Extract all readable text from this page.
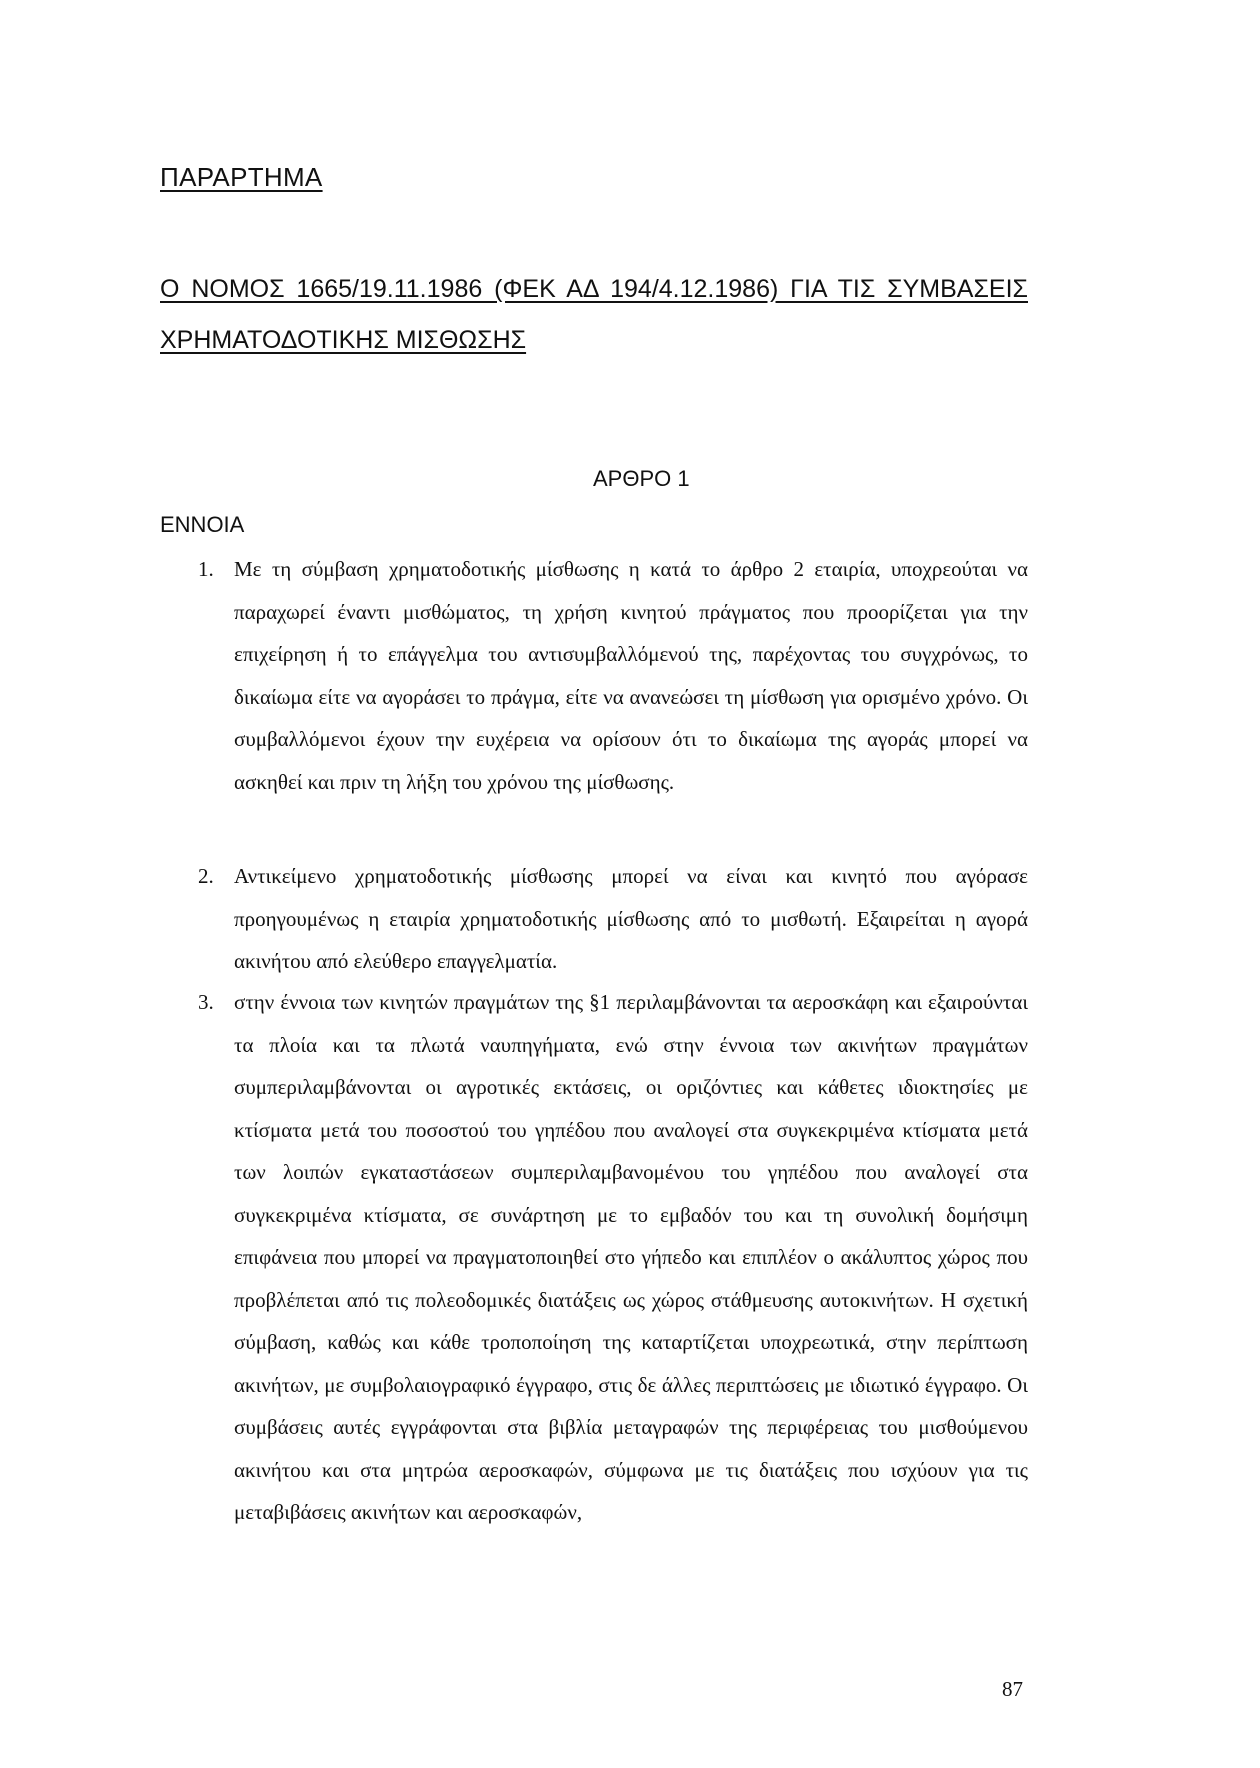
ΠΑΡΑΡΤΗΜΑ

Ο ΝΟΜΟΣ 1665/19.11.1986 (ΦΕΚ ΑΔ 194/4.12.1986) ΓΙΑ ΤΙΣ ΣΥΜΒΑΣΕΙΣ ΧΡΗΜΑΤΟΔΟΤΙΚΗΣ ΜΙΣΘΩΣΗΣ

ΑΡΘΡΟ 1
ΕΝΝΟΙΑ
1. Με τη σύμβαση χρηματοδοτικής μίσθωσης η κατά το άρθρο 2 εταιρία, υποχρεούται να παραχωρεί έναντι μισθώματος, τη χρήση κινητού πράγματος που προορίζεται για την επιχείρηση ή το επάγγελμα του αντισυμβαλλόμενού της, παρέχοντας του συγχρόνως, το δικαίωμα είτε να αγοράσει το πράγμα, είτε να ανανεώσει τη μίσθωση για ορισμένο χρόνο. Οι συμβαλλόμενοι έχουν την ευχέρεια να ορίσουν ότι το δικαίωμα της αγοράς μπορεί να ασκηθεί και πριν τη λήξη του χρόνου της μίσθωσης.
2. Αντικείμενο χρηματοδοτικής μίσθωσης μπορεί να είναι και κινητό που αγόρασε προηγουμένως η εταιρία χρηματοδοτικής μίσθωσης από το μισθωτή. Εξαιρείται η αγορά ακινήτου από ελεύθερο επαγγελματία.
3. στην έννοια των κινητών πραγμάτων της §1 περιλαμβάνονται τα αεροσκάφη και εξαιρούνται τα πλοία και τα πλωτά ναυπηγήματα, ενώ στην έννοια των ακινήτων πραγμάτων συμπεριλαμβάνονται οι αγροτικές εκτάσεις, οι οριζόντιες και κάθετες ιδιοκτησίες με κτίσματα μετά του ποσοστού του γηπέδου που αναλογεί στα συγκεκριμένα κτίσματα μετά των λοιπών εγκαταστάσεων συμπεριλαμβανομένου του γηπέδου που αναλογεί στα συγκεκριμένα κτίσματα, σε συνάρτηση με το εμβαδόν του και τη συνολική δομήσιμη επιφάνεια που μπορεί να πραγματοποιηθεί στο γήπεδο και επιπλέον ο ακάλυπτος χώρος που προβλέπεται από τις πολεοδομικές διατάξεις ως χώρος στάθμευσης αυτοκινήτων. Η σχετική σύμβαση, καθώς και κάθε τροποποίηση της καταρτίζεται υποχρεωτικά, στην περίπτωση ακινήτων, με συμβολαιογραφικό έγγραφο, στις δε άλλες περιπτώσεις με ιδιωτικό έγγραφο. Οι συμβάσεις αυτές εγγράφονται στα βιβλία μεταγραφών της περιφέρειας του μισθούμενου ακινήτου και στα μητρώα αεροσκαφών, σύμφωνα με τις διατάξεις που ισχύουν για τις μεταβιβάσεις ακινήτων και αεροσκαφών,
87
